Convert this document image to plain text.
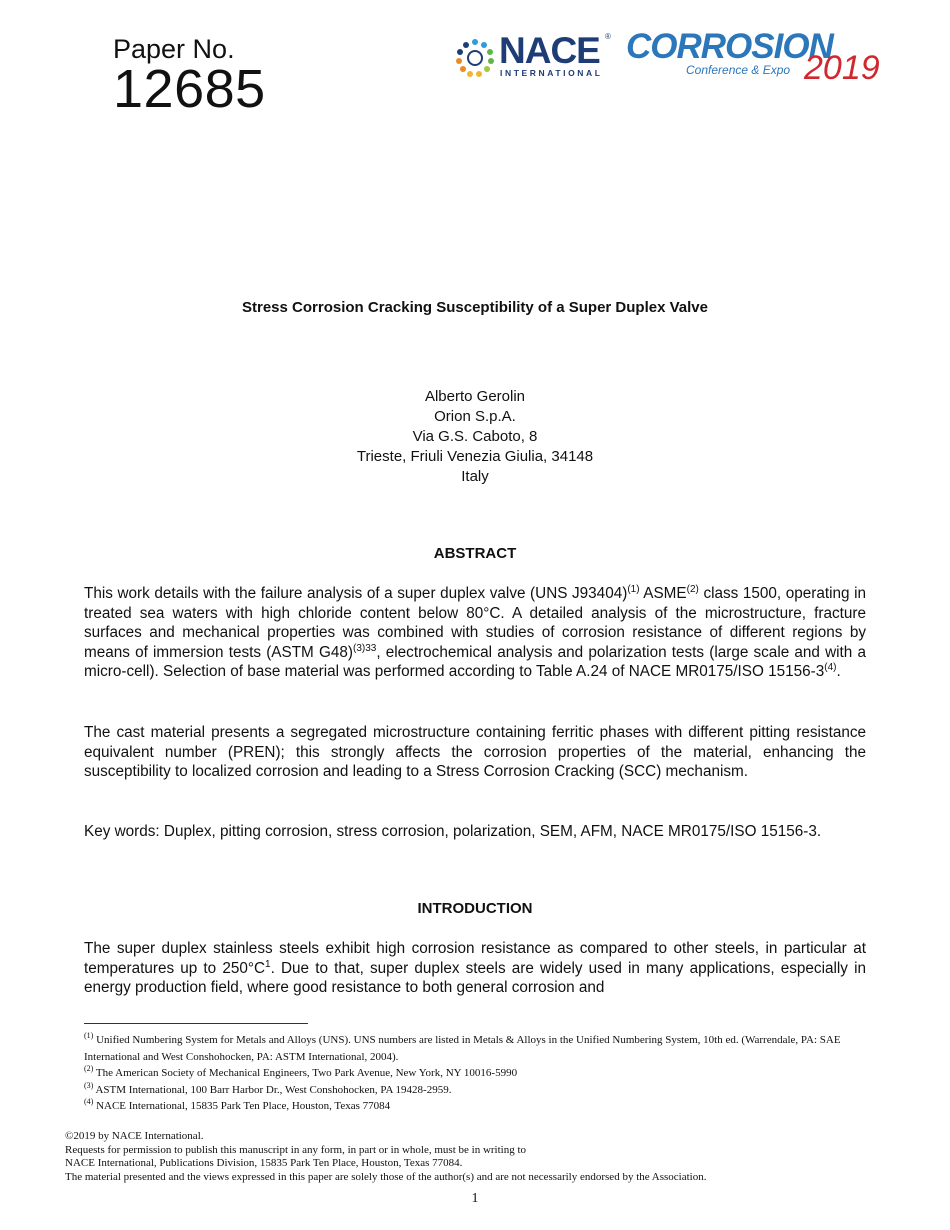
Paper No.
12685
NACE ®
INTERNATIONAL
CORROSION
Conference & Expo 2019
Stress Corrosion Cracking Susceptibility of a Super Duplex Valve
Alberto Gerolin
Orion S.p.A.
Via G.S. Caboto, 8
Trieste, Friuli Venezia Giulia, 34148
Italy
ABSTRACT
This work details with the failure analysis of a super duplex valve (UNS J93404)$^{(1)}$ ASME$^{(2)}$ class 1500, operating in treated sea waters with high chloride content below 80°C. A detailed analysis of the microstructure, fracture surfaces and mechanical properties was combined with studies of corrosion resistance of different regions by means of immersion tests (ASTM G48)$^{(3)33}$, electrochemical analysis and polarization tests (large scale and with a micro-cell). Selection of base material was performed according to Table A.24 of NACE MR0175/ISO 15156-3$^{(4)}$.
The cast material presents a segregated microstructure containing ferritic phases with different pitting resistance equivalent number (PREN); this strongly affects the corrosion properties of the material, enhancing the susceptibility to localized corrosion and leading to a Stress Corrosion Cracking (SCC) mechanism.
Key words: Duplex, pitting corrosion, stress corrosion, polarization, SEM, AFM, NACE MR0175/ISO 15156-3.
INTRODUCTION
The super duplex stainless steels exhibit high corrosion resistance as compared to other steels, in particular at temperatures up to $250^\circ C^1$. Due to that, super duplex steels are widely used in many applications, especially in energy production field, where good resistance to both general corrosion and
$^{(1)}$ Unified Numbering System for Metals and Alloys (UNS). UNS numbers are listed in Metals & Alloys in the Unified Numbering System, 10th ed. (Warrendale, PA: SAE International and West Conshohocken, PA: ASTM International, 2004).
$^{(2)}$ The American Society of Mechanical Engineers, Two Park Avenue, New York, NY 10016-5990
$^{(3)}$ ASTM International, 100 Barr Harbor Dr., West Conshohocken, PA 19428-2959.
$^{(4)}$ NACE International, 15835 Park Ten Place, Houston, Texas 77084
©2019 by NACE International.
Requests for permission to publish this manuscript in any form, in part or in whole, must be in writing to
NACE International, Publications Division, 15835 Park Ten Place, Houston, Texas 77084.
The material presented and the views expressed in this paper are solely those of the author(s) and are not necessarily endorsed by the Association.
1
